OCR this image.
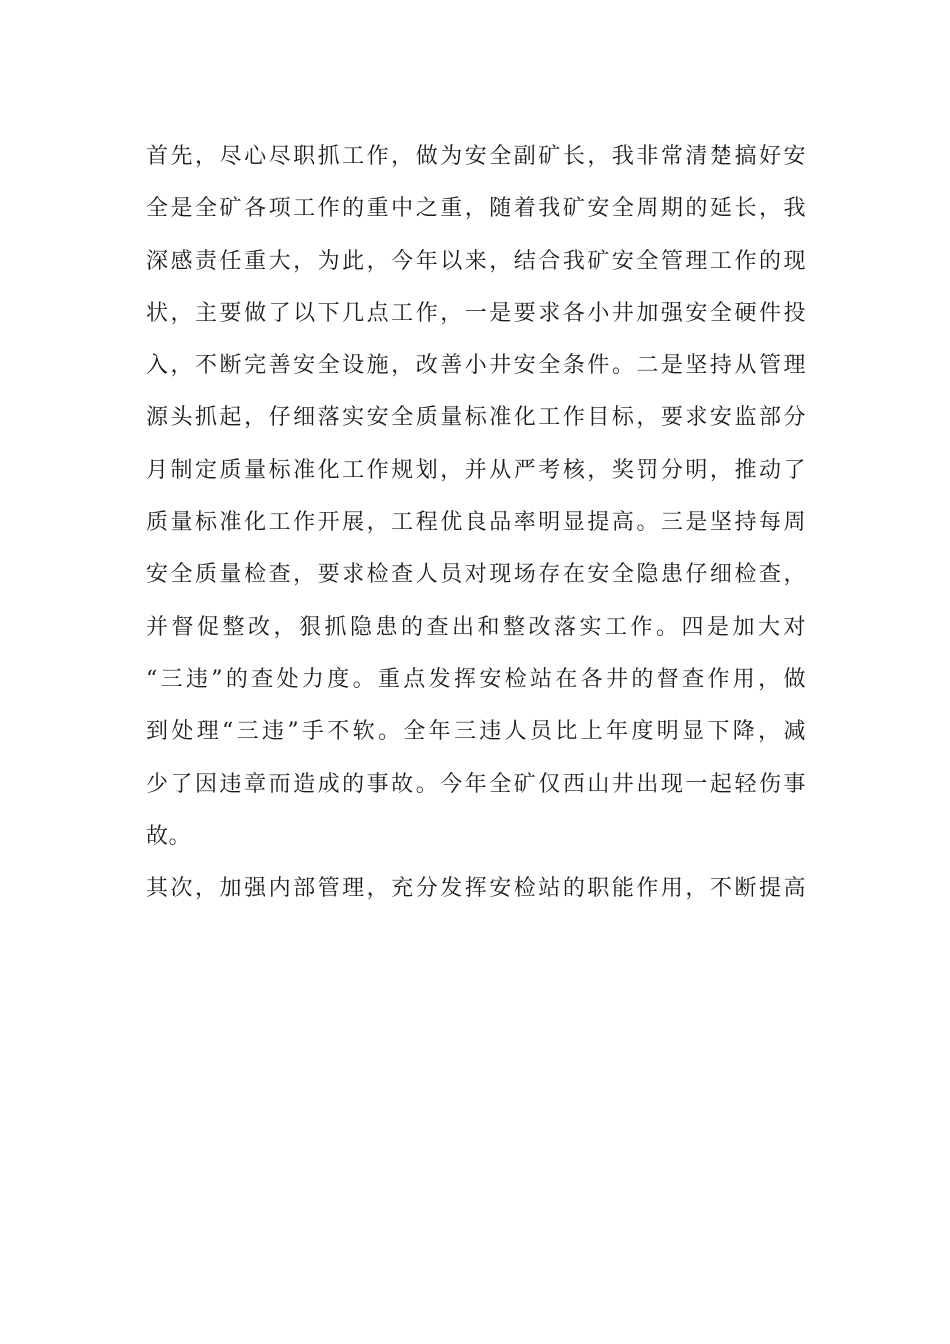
首先，尽心尽职抓工作，做为安全副矿长，我非常清楚搞好安
全是全矿各项工作的重中之重，随着我矿安全周期的延长，我
深感责任重大，为此，今年以来，结合我矿安全管理工作的现
状，主要做了以下几点工作，一是要求各小井加强安全硬件投
入，不断完善安全设施，改善小井安全条件。二是坚持从管理
源头抓起，仔细落实安全质量标准化工作目标，要求安监部分
月制定质量标准化工作规划，并从严考核，奖罚分明，推动了
质量标准化工作开展，工程优良品率明显提高。三是坚持每周
安全质量检查，要求检查人员对现场存在安全隐患仔细检查，
并督促整改，狠抓隐患的查出和整改落实工作。四是加大对
“三违”的查处力度。重点发挥安检站在各井的督查作用，做
到处理“三违”手不软。全年三违人员比上年度明显下降，减
少了因违章而造成的事故。今年全矿仅西山井出现一起轻伤事
故。
其次，加强内部管理，充分发挥安检站的职能作用，不断提高
